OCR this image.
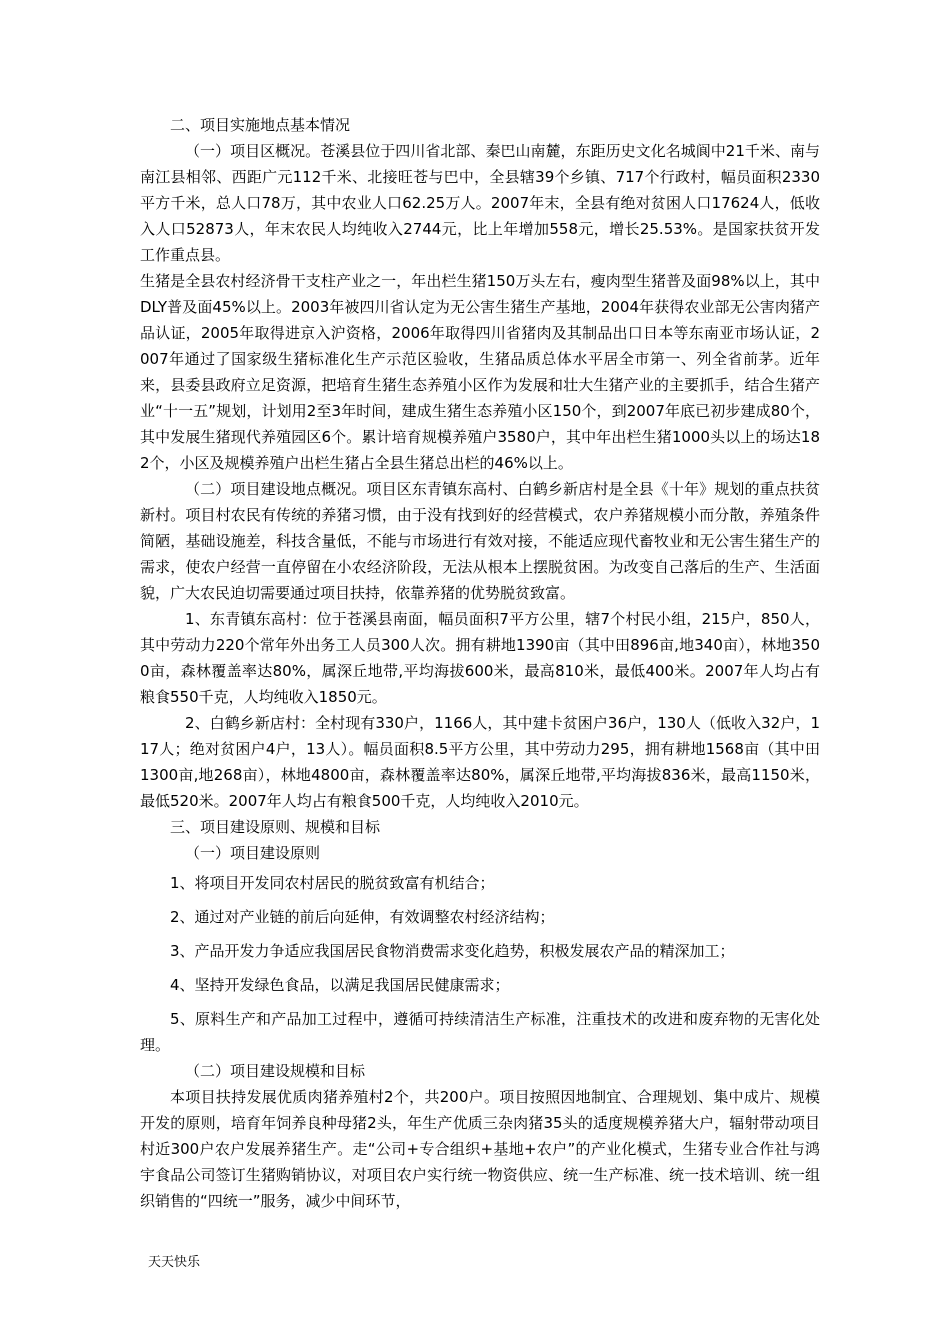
二、项目实施地点基本情况

（一）项目区概况。苍溪县位于四川省北部、秦巴山南麓，东距历史文化名城阆中21千米、南与南江县相邻、西距广元112千米、北接旺苍与巴中，全县辖39个乡镇、717个行政村，幅员面积2330平方千米，总人口78万，其中农业人口62.25万人。2007年末，全县有绝对贫困人口17624人，低收入人口52873人，年末农民人均纯收入2744元，比上年增加558元，增长25.53%。是国家扶贫开发工作重点县。

生猪是全县农村经济骨干支柱产业之一，年出栏生猪150万头左右，瘦肉型生猪普及面98%以上，其中DLY普及面45%以上。2003年被四川省认定为无公害生猪生产基地，2004年获得农业部无公害肉猪产品认证，2005年取得进京入沪资格，2006年取得四川省猪肉及其制品出口日本等东南亚市场认证，2007年通过了国家级生猪标准化生产示范区验收，生猪品质总体水平居全市第一、列全省前茅。近年来，县委县政府立足资源，把培育生猪生态养殖小区作为发展和壮大生猪产业的主要抓手，结合生猪产业“十一五”规划，计划用2至3年时间，建成生猪生态养殖小区150个，到2007年底已初步建成80个，其中发展生猪现代养殖园区6个。累计培育规模养殖户3580户，其中年出栏生猪1000头以上的场达182个，小区及规模养殖户出栏生猪占全县生猪总出栏的46%以上。

（二）项目建设地点概况。项目区东青镇东高村、白鹤乡新店村是全县《十年》规划的重点扶贫新村。项目村农民有传统的养猪习惯，由于没有找到好的经营模式，农户养猪规模小而分散，养殖条件简陋，基础设施差，科技含量低，不能与市场进行有效对接，不能适应现代畜牧业和无公害生猪生产的需求，使农户经营一直停留在小农经济阶段，无法从根本上摆脱贫困。为改变自己落后的生产、生活面貌，广大农民迫切需要通过项目扶持，依靠养猪的优势脱贫致富。

1、东青镇东高村：位于苍溪县南面，幅员面积7平方公里，辖7个村民小组，215户，850人，其中劳动力220个常年外出务工人员300人次。拥有耕地1390亩（其中田896亩,地340亩），林地3500亩，森林覆盖率达80%，属深丘地带,平均海拔600米，最高810米，最低400米。2007年人均占有粮食550千克，人均纯收入1850元。

2、白鹤乡新店村：全村现有330户，1166人，其中建卡贫困户36户，130人（低收入32户，117人；绝对贫困户4户，13人）。幅员面积8.5平方公里，其中劳动力295，拥有耕地1568亩（其中田1300亩,地268亩），林地4800亩，森林覆盖率达80%，属深丘地带,平均海拔836米，最高1150米，最低520米。2007年人均占有粮食500千克，人均纯收入2010元。

三、项目建设原则、规模和目标

（一）项目建设原则

1、将项目开发同农村居民的脱贫致富有机结合；

2、通过对产业链的前后向延伸，有效调整农村经济结构；

3、产品开发力争适应我国居民食物消费需求变化趋势，积极发展农产品的精深加工；

4、坚持开发绿色食品，以满足我国居民健康需求；

5、原料生产和产品加工过程中，遵循可持续清洁生产标准，注重技术的改进和废弃物的无害化处理。

（二）项目建设规模和目标

本项目扶持发展优质肉猪养殖村2个，共200户。项目按照因地制宜、合理规划、集中成片、规模开发的原则，培育年饲养良种母猪2头，年生产优质三杂肉猪35头的适度规模养猪大户，辐射带动项目村近300户农户发展养猪生产。走“公司+专合组织+基地+农户”的产业化模式，生猪专业合作社与鸿宇食品公司签订生猪购销协议，对项目农户实行统一物资供应、统一生产标准、统一技术培训、统一组织销售的“四统一”服务，减少中间环节，

天天快乐
